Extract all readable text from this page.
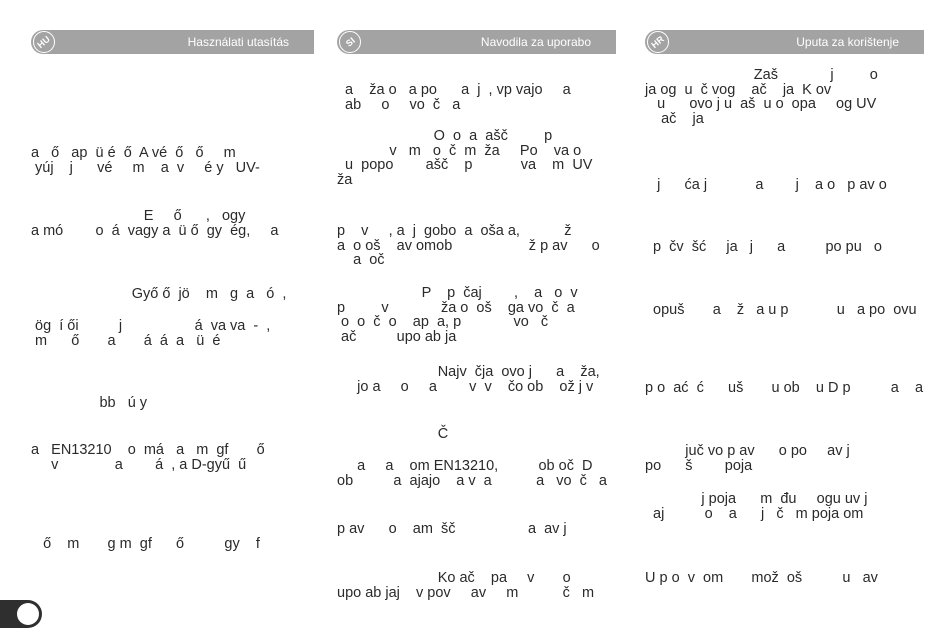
HU	Használati utasítás
a   ő   ap  ü é  ő  A vé  ő   ő     m
yúj    j      vé     m    a  v     é y   UV-
E     ő      ,   ogy
a mó        o  á  vagy a  ü ő  gy  ég,     a
Győ ő  jö    m   g  a   ó  ,
ög  í ői          j                  á  va va  -  ,
m      ő       a       á  á  a   ü  é
bb   ú y
a   EN13210    o  má   a   m  gf       ő
v              a        á  , a D-gyű  ű
ő    m       g m  gf      ő          gy    f
SI	Navodila za uporabo
a    ža o   a po      a  j  , vp vajo     a
ab     o     vo  č   a
O  o  a  ašč         p
v   m   o  č  m  ža     Po    va o
u  popo        ašč    p            va    m  UV
ža
p    v     , a  j  gobo  a  oša a,           ž
a  o oš    av omob                   ž p av      o
a  oč
P    p  čaj        ,    a   o  v
p         v             ža o  oš    ga vo  č  a
o  o  č  o    ap  a, p             vo   č
ač          upo ab ja
Najv  čja  ovo j      a    ža,
jo a     o     a        v  v    čo ob    ož j v
Č
a     a    om EN13210,          ob oč  D
ob          a  ajajo    a v  a           a   vo  č   a
p av      o    am  šč                  a  av j
Ko ač    pa     v       o
upo ab jaj    v pov     av     m           č   m
HR	Uputa za korištenje
Zaš             j         o
ja og  u  č vog    ač    ja  K ov
u      ovo j u  aš  u o  opa     og UV
ač    ja
j      ća j            a        j    a o   p av o
p  čv  šć     ja   j      a          po pu   o
opuš       a    ž   a u p            u   a po  ovu
p o  ać  ć      uš       u ob    u D p          a    a
juč vo p av      o po     av j
po      š        poja
j poja      m  đu     ogu uv j
aj          o    a      j   č   m poja om
U p o  v  om       mož  oš          u   av
